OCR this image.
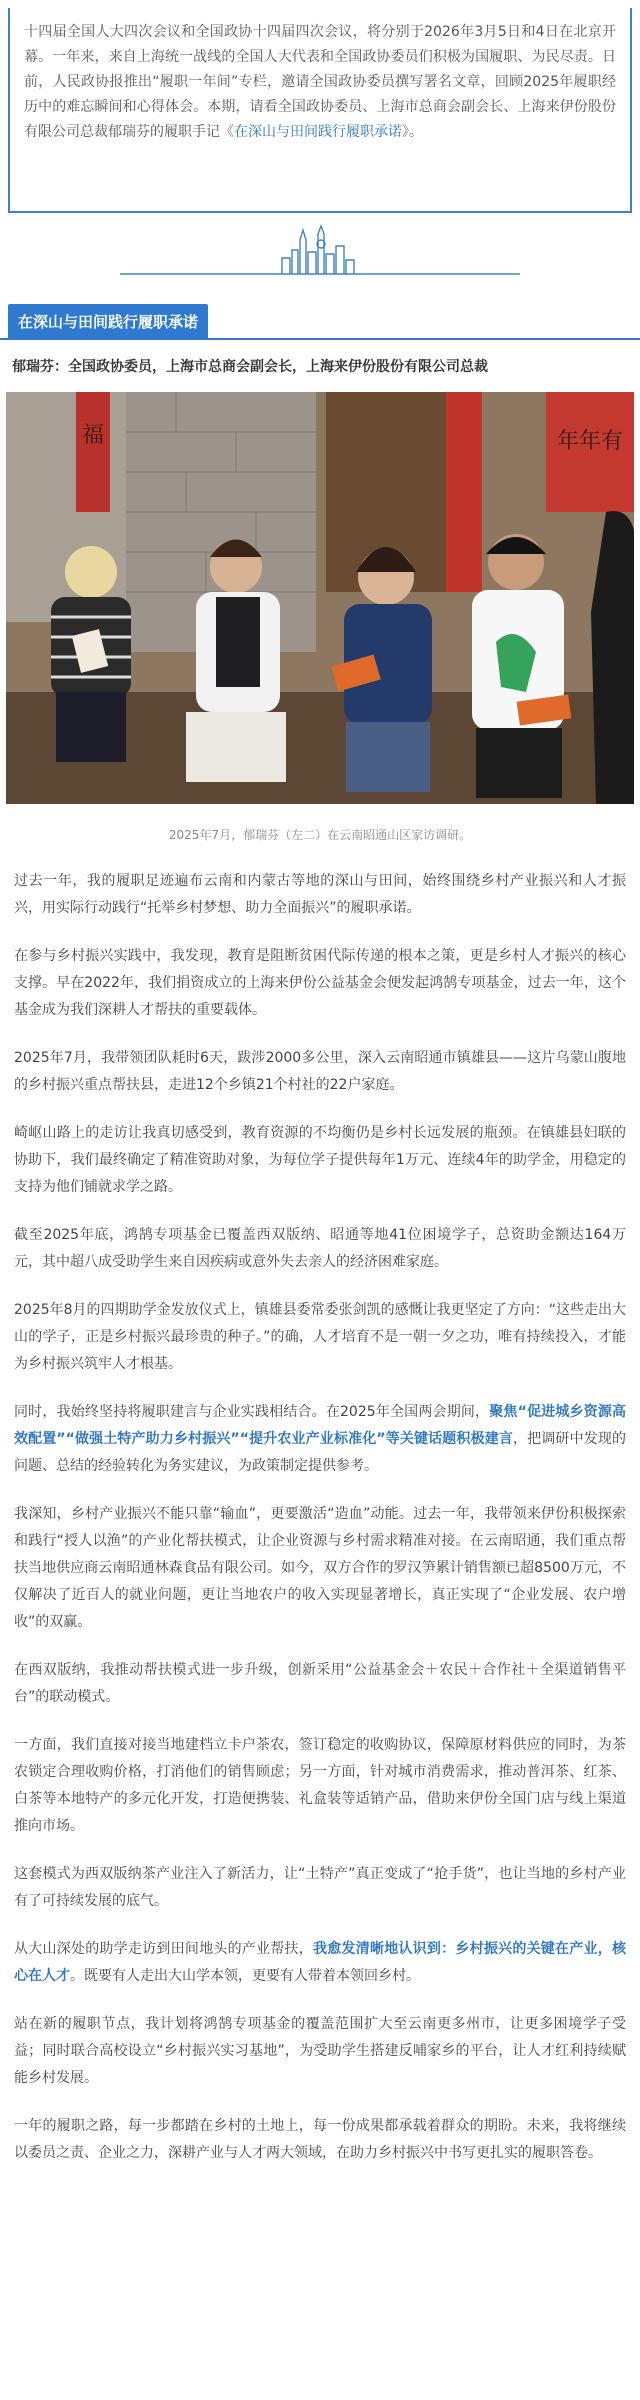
十四届全国人大四次会议和全国政协十四届四次会议，将分别于2026年3月5日和4日在北京开幕。一年来，来自上海统一战线的全国人大代表和全国政协委员们积极为国履职、为民尽责。日前，人民政协报推出“履职一年间”专栏，邀请全国政协委员撰写署名文章，回顾2025年履职经历中的难忘瞬间和心得体会。本期，请看全国政协委员、上海市总商会副会长、上海来伊份股份有限公司总裁郁瑞芬的履职手记《在深山与田间践行履职承诺》。

在深山与田间践行履职承诺
郁瑞芬：全国政协委员，上海市总商会副会长，上海来伊份股份有限公司总裁
福	年年有
2025年7月，郁瑞芬（左二）在云南昭通山区家访调研。

过去一年，我的履职足迹遍布云南和内蒙古等地的深山与田间，始终围绕乡村产业振兴和人才振兴，用实际行动践行“托举乡村梦想、助力全面振兴”的履职承诺。

在参与乡村振兴实践中，我发现，教育是阻断贫困代际传递的根本之策，更是乡村人才振兴的核心支撑。早在2022年，我们捐资成立的上海来伊份公益基金会便发起鸿鹄专项基金，过去一年，这个基金成为我们深耕人才帮扶的重要载体。

2025年7月，我带领团队耗时6天，跋涉2000多公里，深入云南昭通市镇雄县——这片乌蒙山腹地的乡村振兴重点帮扶县，走进12个乡镇21个村社的22户家庭。

崎岖山路上的走访让我真切感受到，教育资源的不均衡仍是乡村长远发展的瓶颈。在镇雄县妇联的协助下，我们最终确定了精准资助对象，为每位学子提供每年1万元、连续4年的助学金，用稳定的支持为他们铺就求学之路。

截至2025年底，鸿鹄专项基金已覆盖西双版纳、昭通等地41位困境学子，总资助金额达164万元，其中超八成受助学生来自因疾病或意外失去亲人的经济困难家庭。

2025年8月的四期助学金发放仪式上，镇雄县委常委张剑凯的感慨让我更坚定了方向：“这些走出大山的学子，正是乡村振兴最珍贵的种子。”的确，人才培育不是一朝一夕之功，唯有持续投入，才能为乡村振兴筑牢人才根基。

同时，我始终坚持将履职建言与企业实践相结合。在2025年全国两会期间，聚焦“促进城乡资源高效配置”“做强土特产助力乡村振兴”“提升农业产业标准化”等关键话题积极建言，把调研中发现的问题、总结的经验转化为务实建议，为政策制定提供参考。

我深知，乡村产业振兴不能只靠“输血”，更要激活“造血”动能。过去一年，我带领来伊份积极探索和践行“授人以渔”的产业化帮扶模式，让企业资源与乡村需求精准对接。在云南昭通，我们重点帮扶当地供应商云南昭通林森食品有限公司。如今，双方合作的罗汉笋累计销售额已超8500万元，不仅解决了近百人的就业问题，更让当地农户的收入实现显著增长，真正实现了“企业发展、农户增收”的双赢。

在西双版纳，我推动帮扶模式进一步升级，创新采用“公益基金会＋农民＋合作社＋全渠道销售平台”的联动模式。

一方面，我们直接对接当地建档立卡户茶农，签订稳定的收购协议，保障原材料供应的同时，为茶农锁定合理收购价格，打消他们的销售顾虑；另一方面，针对城市消费需求，推动普洱茶、红茶、白茶等本地特产的多元化开发，打造便携装、礼盒装等适销产品，借助来伊份全国门店与线上渠道推向市场。

这套模式为西双版纳茶产业注入了新活力，让“土特产”真正变成了“抢手货”，也让当地的乡村产业有了可持续发展的底气。

从大山深处的助学走访到田间地头的产业帮扶，我愈发清晰地认识到：乡村振兴的关键在产业，核心在人才。既要有人走出大山学本领，更要有人带着本领回乡村。

站在新的履职节点，我计划将鸿鹄专项基金的覆盖范围扩大至云南更多州市，让更多困境学子受益；同时联合高校设立“乡村振兴实习基地”，为受助学生搭建反哺家乡的平台，让人才红利持续赋能乡村发展。

一年的履职之路，每一步都踏在乡村的土地上，每一份成果都承载着群众的期盼。未来，我将继续以委员之责、企业之力，深耕产业与人才两大领域，在助力乡村振兴中书写更扎实的履职答卷。
